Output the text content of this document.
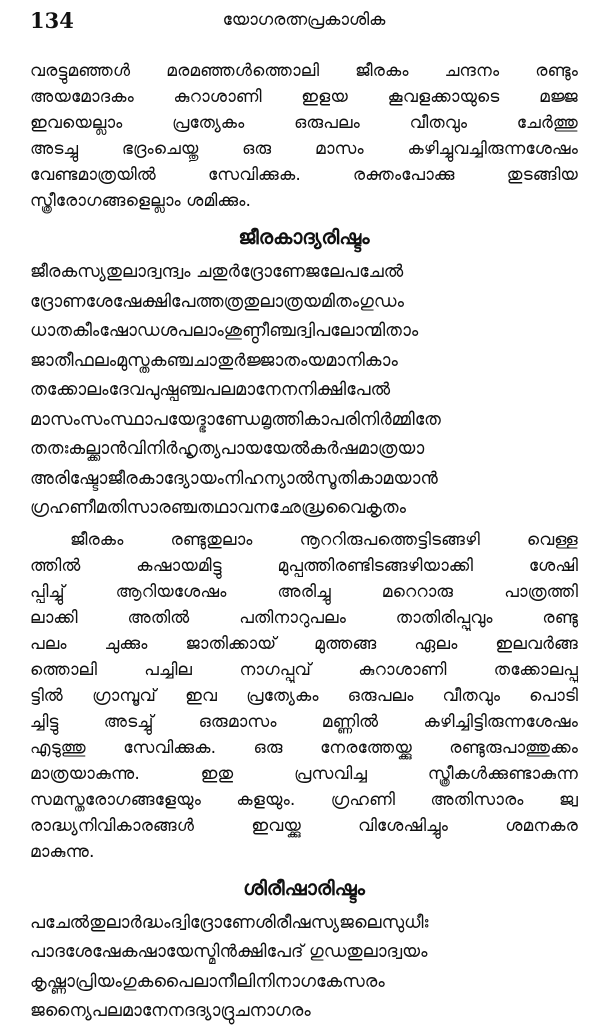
134	യോഗരത്നപ്രകാശിക
വരട്ടുമഞ്ഞൾ മരമഞ്ഞൾത്തൊലി ജീരകം ചന്ദനം രണ്ടും
അയമോദകം കുറാശാണി ഇളയ കൂവളക്കായുടെ മജ്ജ
ഇവയെല്ലാം പ്രത്യേകം ഒരുപലം വീതവും ചേർത്തു
അടച്ചു ഭദ്രംചെയ്തു ഒരു മാസം കഴിച്ചുവച്ചിരുന്നശേഷം
വേണ്ടമാത്രയിൽ സേവിക്കുക. രക്തംപോക്കു തുടങ്ങിയ
സ്ത്രീരോഗങ്ങളെല്ലാം ശമിക്കും.
ജീരകാദ്യരിഷ്ടം
ജീരകസ്യതുലാദ്വന്ദ്വം ചതുർദ്രോണേജലേപചേൽ
ദ്രോണശേഷേക്ഷിപേത്തത്രതുലാത്രയമിതംഗുഡം
ധാതകീംഷോഡശപലാംശുണ്ഠീഞ്ചദ്വിപലോന്മിതാം
ജാതീഫലംമുസ്തകഞ്ചചാതുർജ്ജാതംയമാനികാം
തക്കോലംദേവപുഷ്പഞ്ചപലമാനേനനിക്ഷിപേൽ
മാസംസംസ്ഥാപയേദ്ഭാണ്ഡേമൃത്തികാപരിനിർമ്മിതേ
തതഃകല്ക്കാൻവിനിർഹൃത്യപായയേൽകർഷമാത്രയാ
അരിഷ്ടോജീരകാദ്യോയംനിഹന്യാൽസൂതികാമയാൻ
ഗ്രഹണീമതിസാരഞ്ചതഥാവനഛേദ്ധ്രവൈകൃതം
ജീരകം രണ്ടുതുലാം നൂററിരുപത്തെട്ടിടങ്ങഴി വെള്ള
ത്തിൽ കഷായമിട്ടു മുപ്പത്തിരണ്ടിടങ്ങഴിയാക്കി ശേഷി
പ്പിച്ചു് ആറിയശേഷം അരിച്ചു മറെറാരു പാത്രത്തി
ലാക്കി അതിൽ പതിനാറുപലം താതിരിപ്പൂവും രണ്ടു
പലം ചുക്കും ജാതിക്കായ് മുത്തങ്ങ ഏലം ഇലവർങ്ങ
ത്തൊലി പച്ചില നാഗപ്പൂവ് കുറാശാണി തക്കോലപ്പു
ട്ടിൽ ഗ്രാമ്പൂവ് ഇവ പ്രത്യേകം ഒരുപലം വീതവും പൊടി
ച്ചിട്ടു അടച്ചു് ഒരുമാസം മണ്ണിൽ കഴിച്ചിട്ടിരുന്നശേഷം
എടുത്തു സേവിക്കുക. ഒരു നേരത്തേയ്ക്കു രണ്ടുരുപാത്തുക്കം
മാത്രയാകുന്നു. ഇതു പ്രസവിച്ച സ്ത്രീകൾക്കുണ്ടാകുന്ന
സമസ്തരോഗങ്ങളേയും കളയും. ഗ്രഹണി അതിസാരം ജ്വ
രാദ്ധ്യനിവികാരങ്ങൾ ഇവയ്ക്കു വിശേഷിച്ചും ശമനകര
മാകുന്നു.
ശിരീഷാരിഷ്ടം
പചേൽതുലാർദ്ധംദ്വിദ്രോണേശിരീഷസ്യജലെസുധീഃ
പാദശേഷേകഷായേസ്മിൻക്ഷിപേദ് ഗുഡതുലാദ്വയം
കൃഷ്ണാപ്രിയംഗുകപൈലാനീലിനിനാഗകേസരം
ജന്യൈപലമാനേനദദ്യാദ്രുചനാഗരം
